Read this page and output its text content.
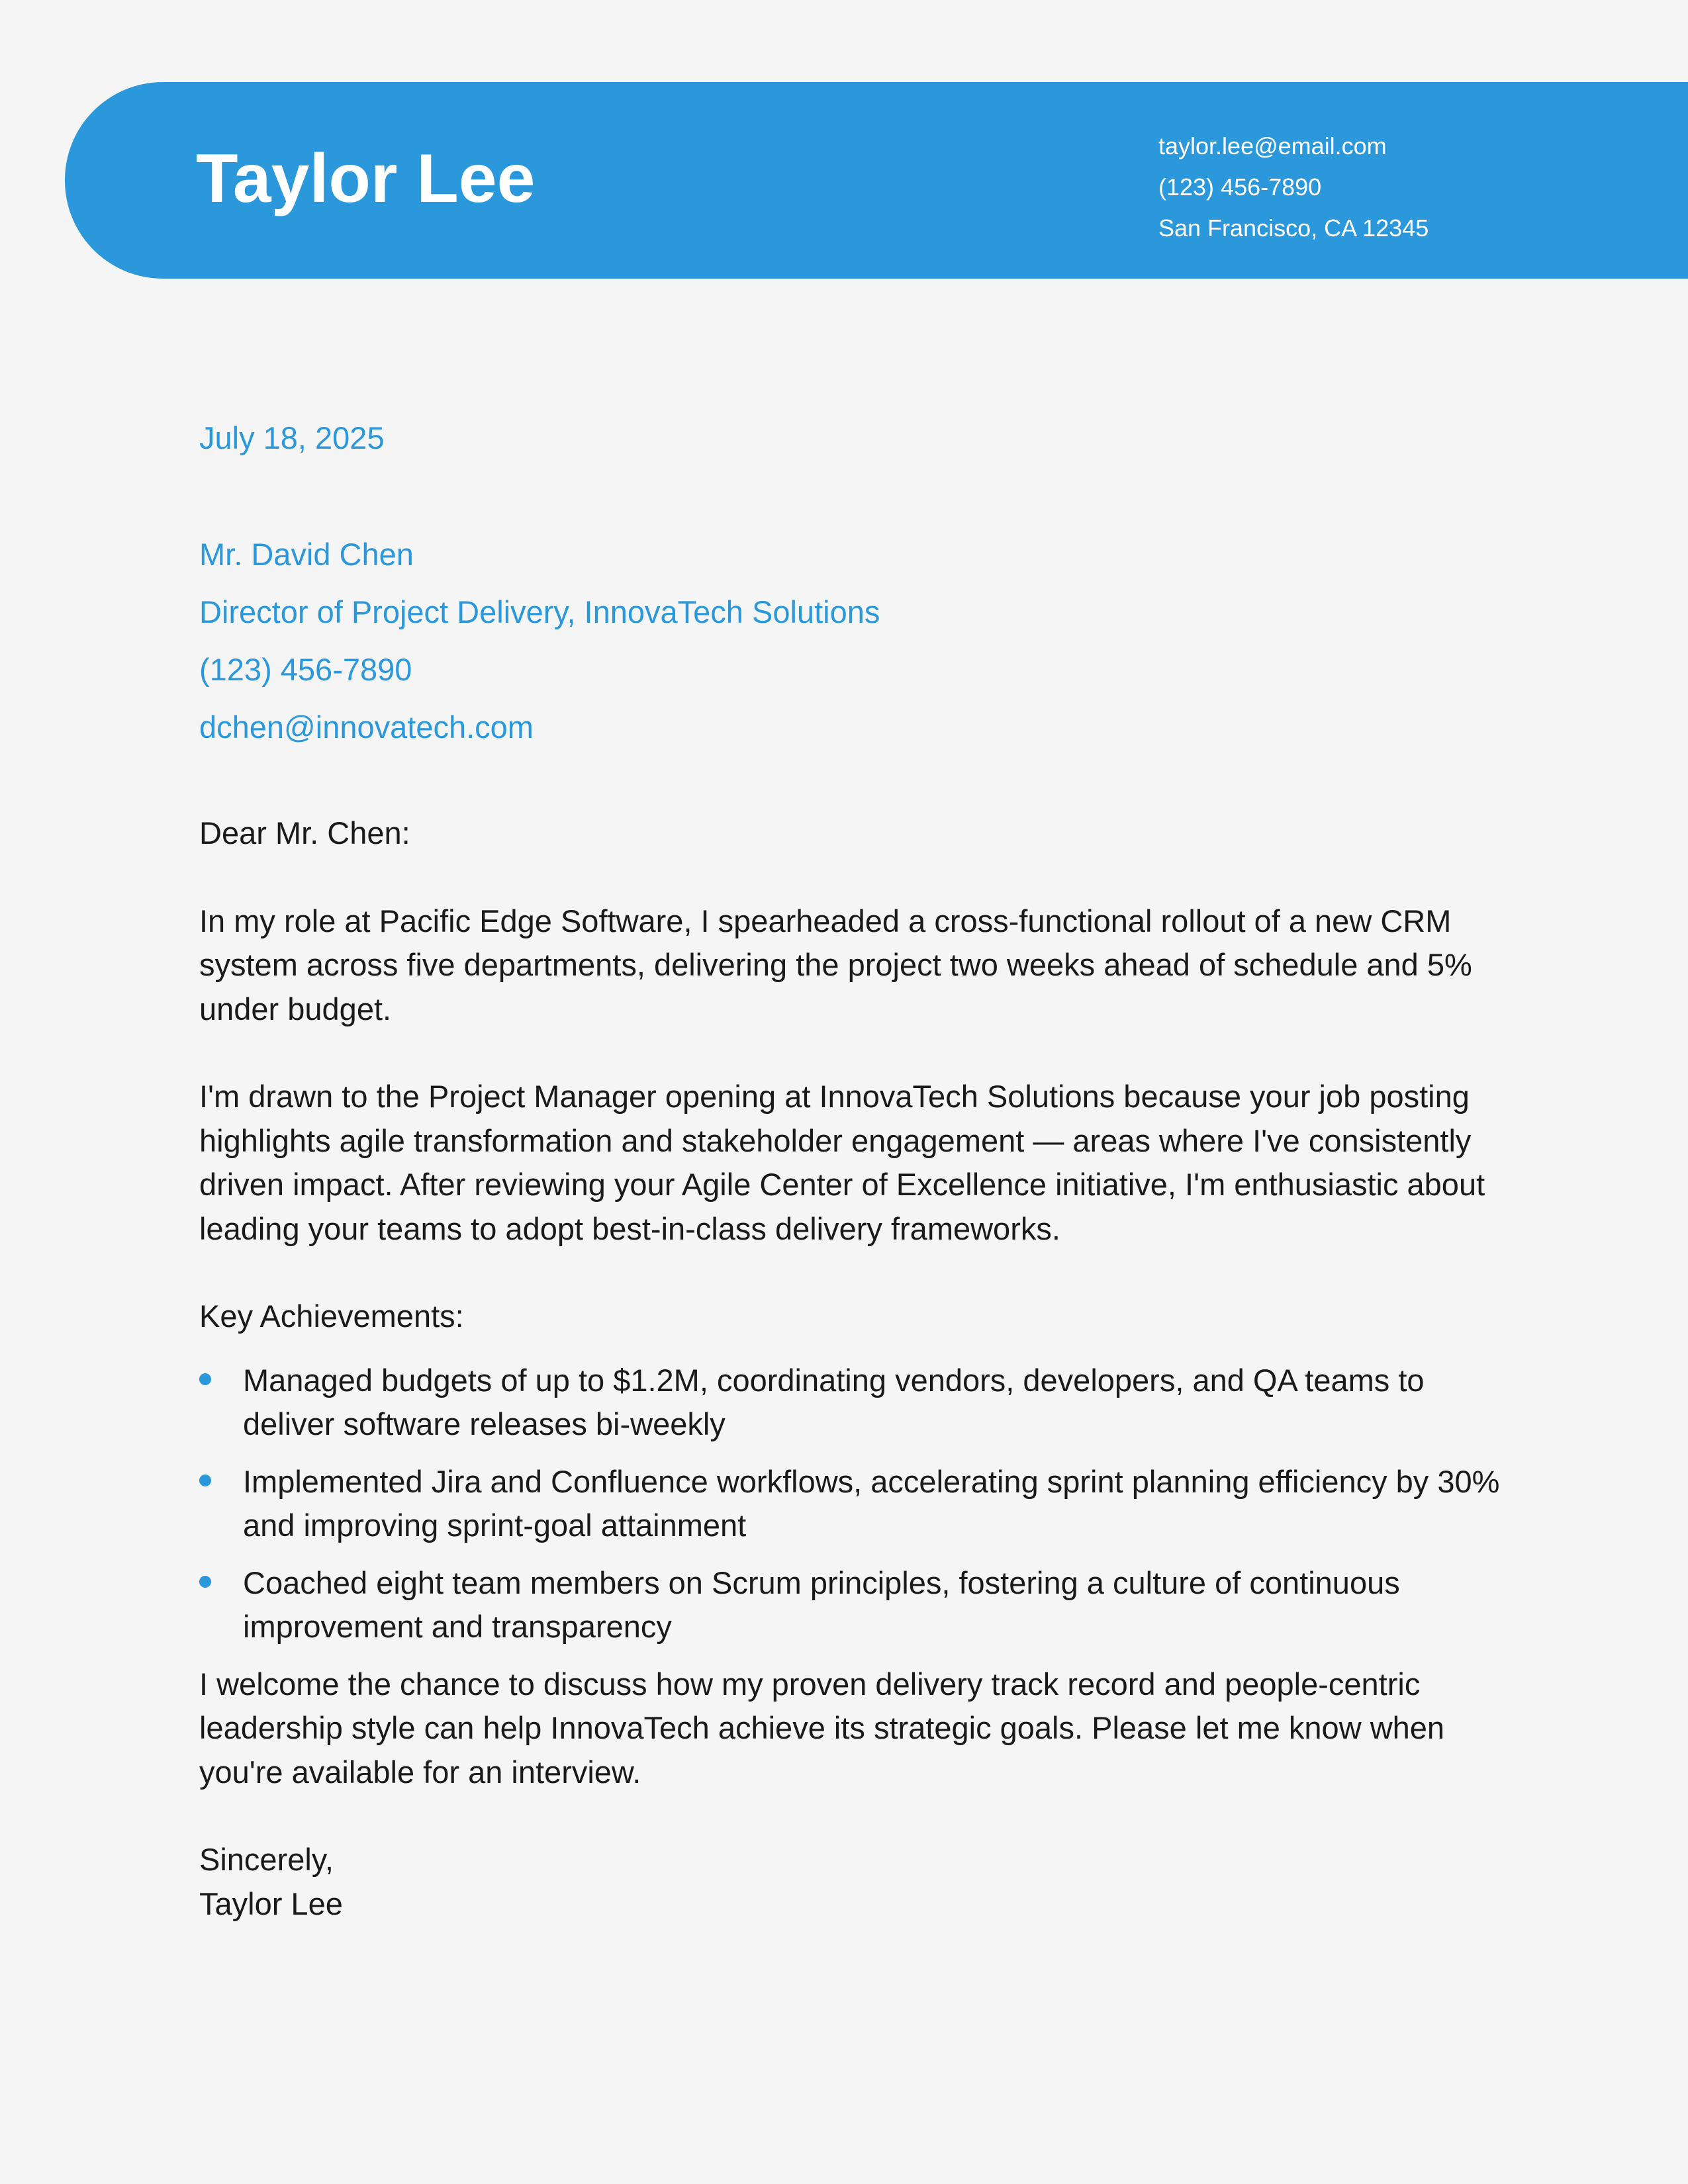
Taylor Lee	taylor.lee@email.com
(123) 456-7890
San Francisco, CA 12345
July 18, 2025
Mr. David Chen
Director of Project Delivery, InnovaTech Solutions
(123) 456-7890
dchen@innovatech.com

Dear Mr. Chen:

In my role at Pacific Edge Software, I spearheaded a cross-functional rollout of a new CRM system across five departments, delivering the project two weeks ahead of schedule and 5% under budget.

I'm drawn to the Project Manager opening at InnovaTech Solutions because your job posting highlights agile transformation and stakeholder engagement — areas where I've consistently driven impact. After reviewing your Agile Center of Excellence initiative, I'm enthusiastic about leading your teams to adopt best-in-class delivery frameworks.

Key Achievements:

Managed budgets of up to $1.2M, coordinating vendors, developers, and QA teams to deliver software releases bi-weekly
Implemented Jira and Confluence workflows, accelerating sprint planning efficiency by 30% and improving sprint-goal attainment
Coached eight team members on Scrum principles, fostering a culture of continuous improvement and transparency

I welcome the chance to discuss how my proven delivery track record and people-centric leadership style can help InnovaTech achieve its strategic goals. Please let me know when you're available for an interview.

Sincerely,
Taylor Lee
